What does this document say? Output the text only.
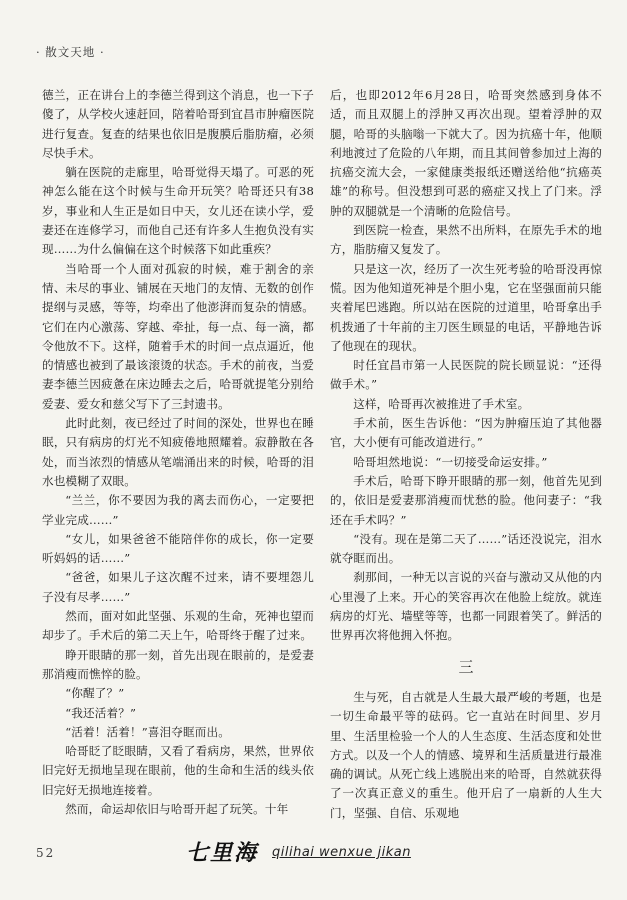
· 散文天地 ·

德兰，正在讲台上的李德兰得到这个消息，也一下子傻了，从学校火速赶回，陪着哈哥到宜昌市肿瘤医院进行复查。复查的结果也依旧是腹膜后脂肪瘤，必须尽快手术。

躺在医院的走廊里，哈哥觉得天塌了。可恶的死神怎么能在这个时候与生命开玩笑？哈哥还只有38岁，事业和人生正是如日中天，女儿还在读小学，爱妻还在连修学习，而他自己还有许多人生抱负没有实现……为什么偏偏在这个时候落下如此重疾？

当哈哥一个人面对孤寂的时候，难于割舍的亲情、未尽的事业、铺展在天地门的友情、无数的创作提纲与灵感，等等，均牵出了他澎湃而复杂的情感。它们在内心激荡、穿越、牵扯，每一点、每一滴，都令他放不下。这样，随着手术的时间一点点逼近，他的情感也被到了最该滚烫的状态。手术的前夜，当爱妻李德兰因疲惫在床边睡去之后，哈哥就提笔分别给爱妻、爱女和慈父写下了三封遗书。

此时此刻，夜已经过了时间的深处，世界也在睡眠，只有病房的灯光不知疲倦地照耀着。寂静散在各处，而当浓烈的情感从笔端涌出来的时候，哈哥的泪水也模糊了双眼。

“兰兰，你不要因为我的离去而伤心，一定要把学业完成……”

“女儿，如果爸爸不能陪伴你的成长，你一定要听妈妈的话……”

“爸爸，如果儿子这次醒不过来，请不要埋怨儿子没有尽孝……”

然而，面对如此坚强、乐观的生命，死神也望而却步了。手术后的第二天上午，哈哥终于醒了过来。

睁开眼睛的那一刻，首先出现在眼前的，是爱妻那消瘦而憔悴的脸。

“你醒了？”

“我还活着？”

“活着！活着！”喜泪夺眶而出。

哈哥眨了眨眼睛，又看了看病房，果然，世界依旧完好无损地呈现在眼前，他的生命和生活的线头依旧完好无损地连接着。

然而，命运却依旧与哈哥开起了玩笑。十年

后，也即2012年6月28日，哈哥突然感到身体不适，而且双腿上的浮肿又再次出现。望着浮肿的双腿，哈哥的头脑嗡一下就大了。因为抗癌十年，他顺利地渡过了危险的八年期，而且其间曾参加过上海的抗癌交流大会，一家健康类报纸还赠送给他“抗癌英雄”的称号。但没想到可恶的癌症又找上了门来。浮肿的双腿就是一个清晰的危险信号。

到医院一检查，果然不出所料，在原先手术的地方，脂肪瘤又复发了。

只是这一次，经历了一次生死考验的哈哥没再惊慌。因为他知道死神是个胆小鬼，它在坚强面前只能夹着尾巴逃跑。所以站在医院的过道里，哈哥拿出手机拨通了十年前的主刀医生顾显的电话，平静地告诉了他现在的现状。

时任宜昌市第一人民医院的院长顾显说：“还得做手术。”

这样，哈哥再次被推进了手术室。

手术前，医生告诉他：“因为肿瘤压迫了其他器官，大小便有可能改道进行。”

哈哥坦然地说：“一切接受命运安排。”

手术后，哈哥下睁开眼睛的那一刻，他首先见到的，依旧是爱妻那消瘦而忧愁的脸。他问妻子：“我还在手术吗？”

“没有。现在是第二天了……”话还没说完，泪水就夺眶而出。

刹那间，一种无以言说的兴奋与激动又从他的内心里漫了上来。开心的笑容再次在他脸上绽放。就连病房的灯光、墙壁等等，也都一同跟着笑了。鲜活的世界再次将他拥入怀抱。

三

生与死，自古就是人生最大最严峻的考题，也是一切生命最平等的砝码。它一直站在时间里、岁月里、生活里检验一个人的人生态度、生活态度和处世方式。以及一个人的情感、境界和生活质量进行最准确的调试。从死亡线上逃脱出来的哈哥，自然就获得了一次真正意义的重生。他开启了一扇新的人生大门，坚强、自信、乐观地

52	七里海 qilihai wenxue jikan
